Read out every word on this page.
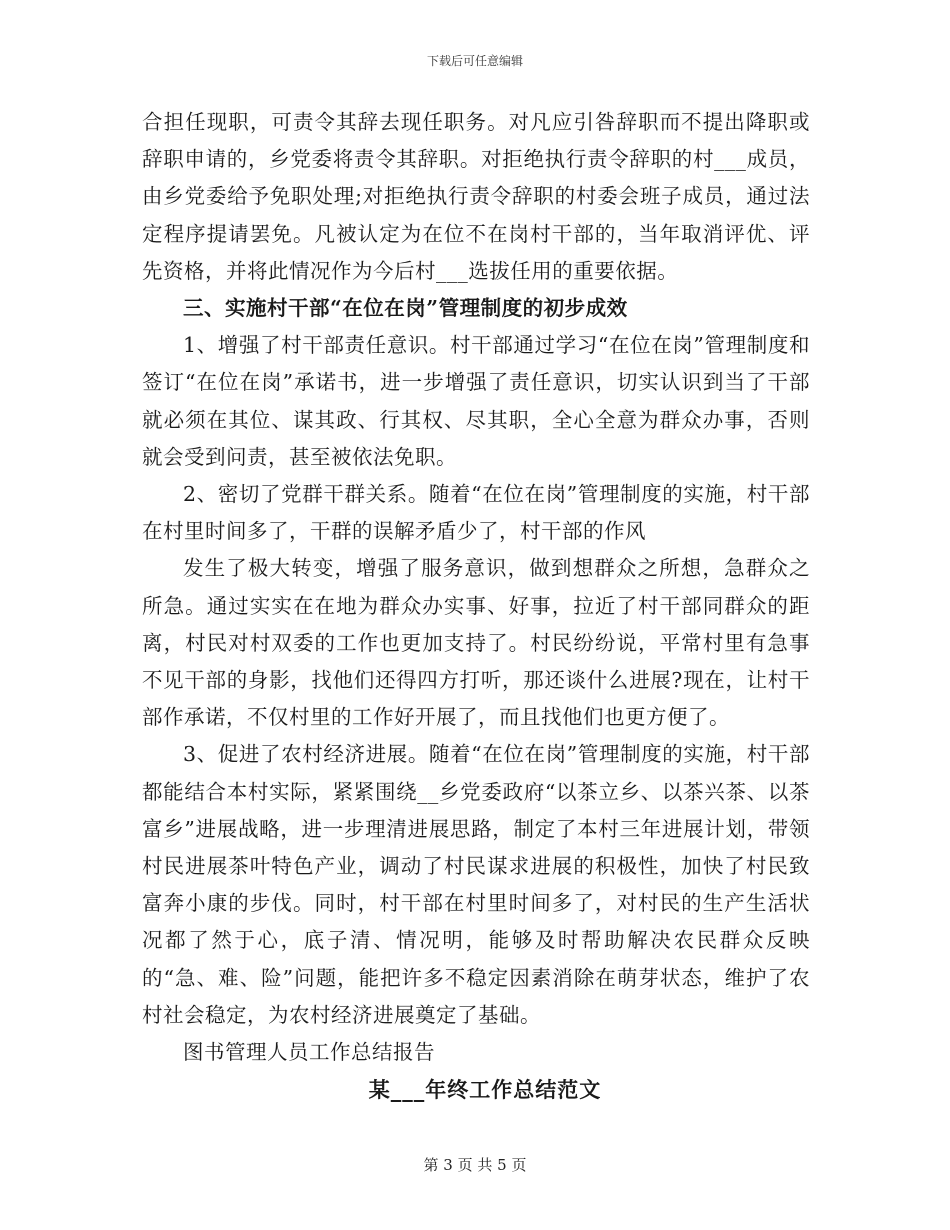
下载后可任意编辑

合担任现职，可责令其辞去现任职务。对凡应引咎辞职而不提出降职或辞职申请的，乡党委将责令其辞职。对拒绝执行责令辞职的村___成员，由乡党委给予免职处理;对拒绝执行责令辞职的村委会班子成员，通过法定程序提请罢免。凡被认定为在位不在岗村干部的，当年取消评优、评先资格，并将此情况作为今后村___选拔任用的重要依据。

三、实施村干部“在位在岗”管理制度的初步成效

1、增强了村干部责任意识。村干部通过学习“在位在岗”管理制度和签订“在位在岗”承诺书，进一步增强了责任意识，切实认识到当了干部就必须在其位、谋其政、行其权、尽其职，全心全意为群众办事，否则就会受到问责，甚至被依法免职。

2、密切了党群干群关系。随着“在位在岗”管理制度的实施，村干部在村里时间多了，干群的误解矛盾少了，村干部的作风

发生了极大转变，增强了服务意识，做到想群众之所想，急群众之所急。通过实实在在地为群众办实事、好事，拉近了村干部同群众的距离，村民对村双委的工作也更加支持了。村民纷纷说，平常村里有急事不见干部的身影，找他们还得四方打听，那还谈什么进展?现在，让村干部作承诺，不仅村里的工作好开展了，而且找他们也更方便了。

3、促进了农村经济进展。随着“在位在岗”管理制度的实施，村干部都能结合本村实际，紧紧围绕__乡党委政府“以茶立乡、以茶兴茶、以茶富乡”进展战略，进一步理清进展思路，制定了本村三年进展计划，带领村民进展茶叶特色产业，调动了村民谋求进展的积极性，加快了村民致富奔小康的步伐。同时，村干部在村里时间多了，对村民的生产生活状况都了然于心，底子清、情况明，能够及时帮助解决农民群众反映的“急、难、险”问题，能把许多不稳定因素消除在萌芽状态，维护了农村社会稳定，为农村经济进展奠定了基础。

图书管理人员工作总结报告

某___年终工作总结范文

第 3 页 共 5 页
